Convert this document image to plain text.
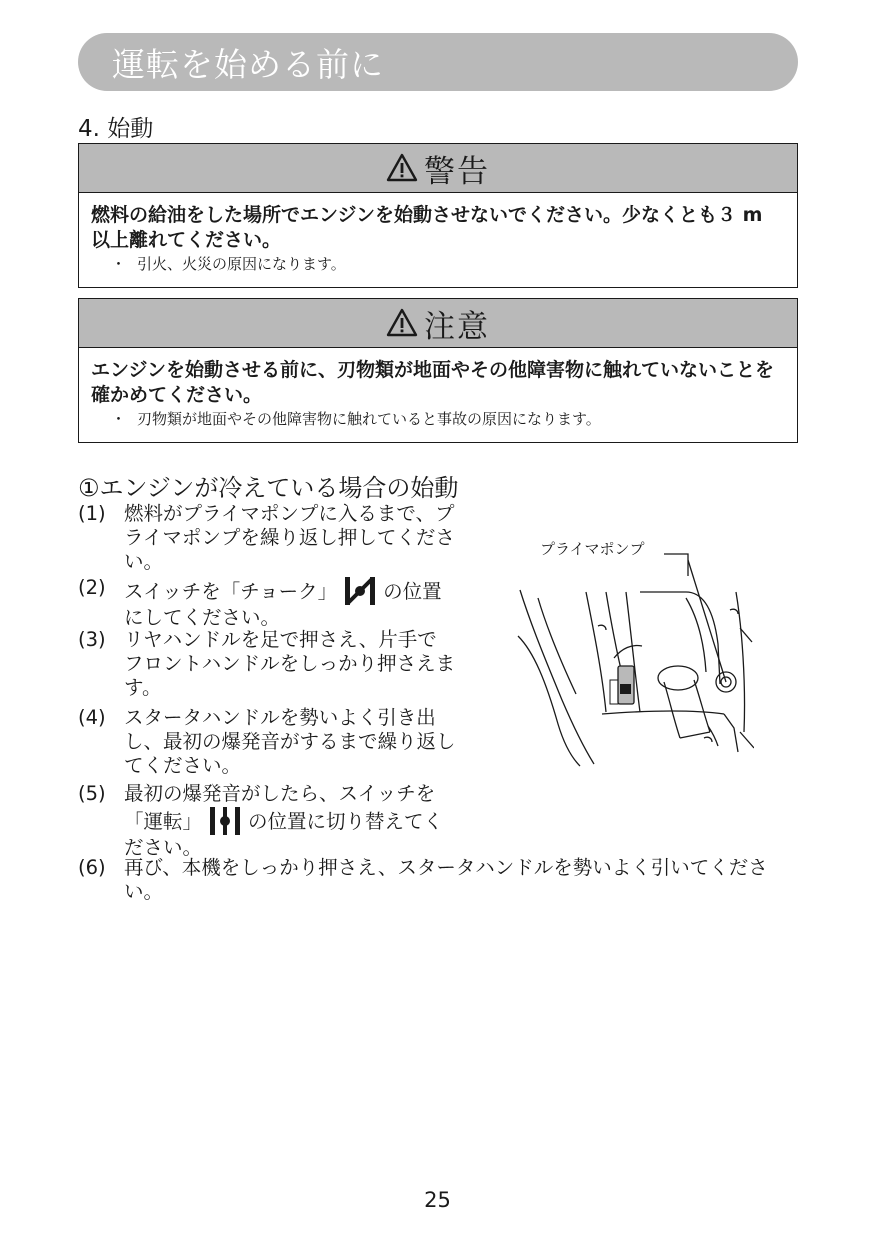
運転を始める前に
4. 始動
警告
燃料の給油をした場所でエンジンを始動させないでください。少なくとも３ m 以上離れてください。
・ 引火、火災の原因になります。
注意
エンジンを始動させる前に、刃物類が地面やその他障害物に触れていないことを確かめてください。
・ 刃物類が地面やその他障害物に触れていると事故の原因になります。
①エンジンが冷えている場合の始動
(1) 燃料がプライマポンプに入るまで、プライマポンプを繰り返し押してください。
(2) スイッチを「チョーク」 の位置にしてください。
(3) リヤハンドルを足で押さえ、片手でフロントハンドルをしっかり押さえます。
(4) スタータハンドルを勢いよく引き出し、最初の爆発音がするまで繰り返してください。
(5) 最初の爆発音がしたら、スイッチを「運転」 の位置に切り替えてください。
(6) 再び、本機をしっかり押さえ、スタータハンドルを勢いよく引いてください。
プライマポンプ
25
